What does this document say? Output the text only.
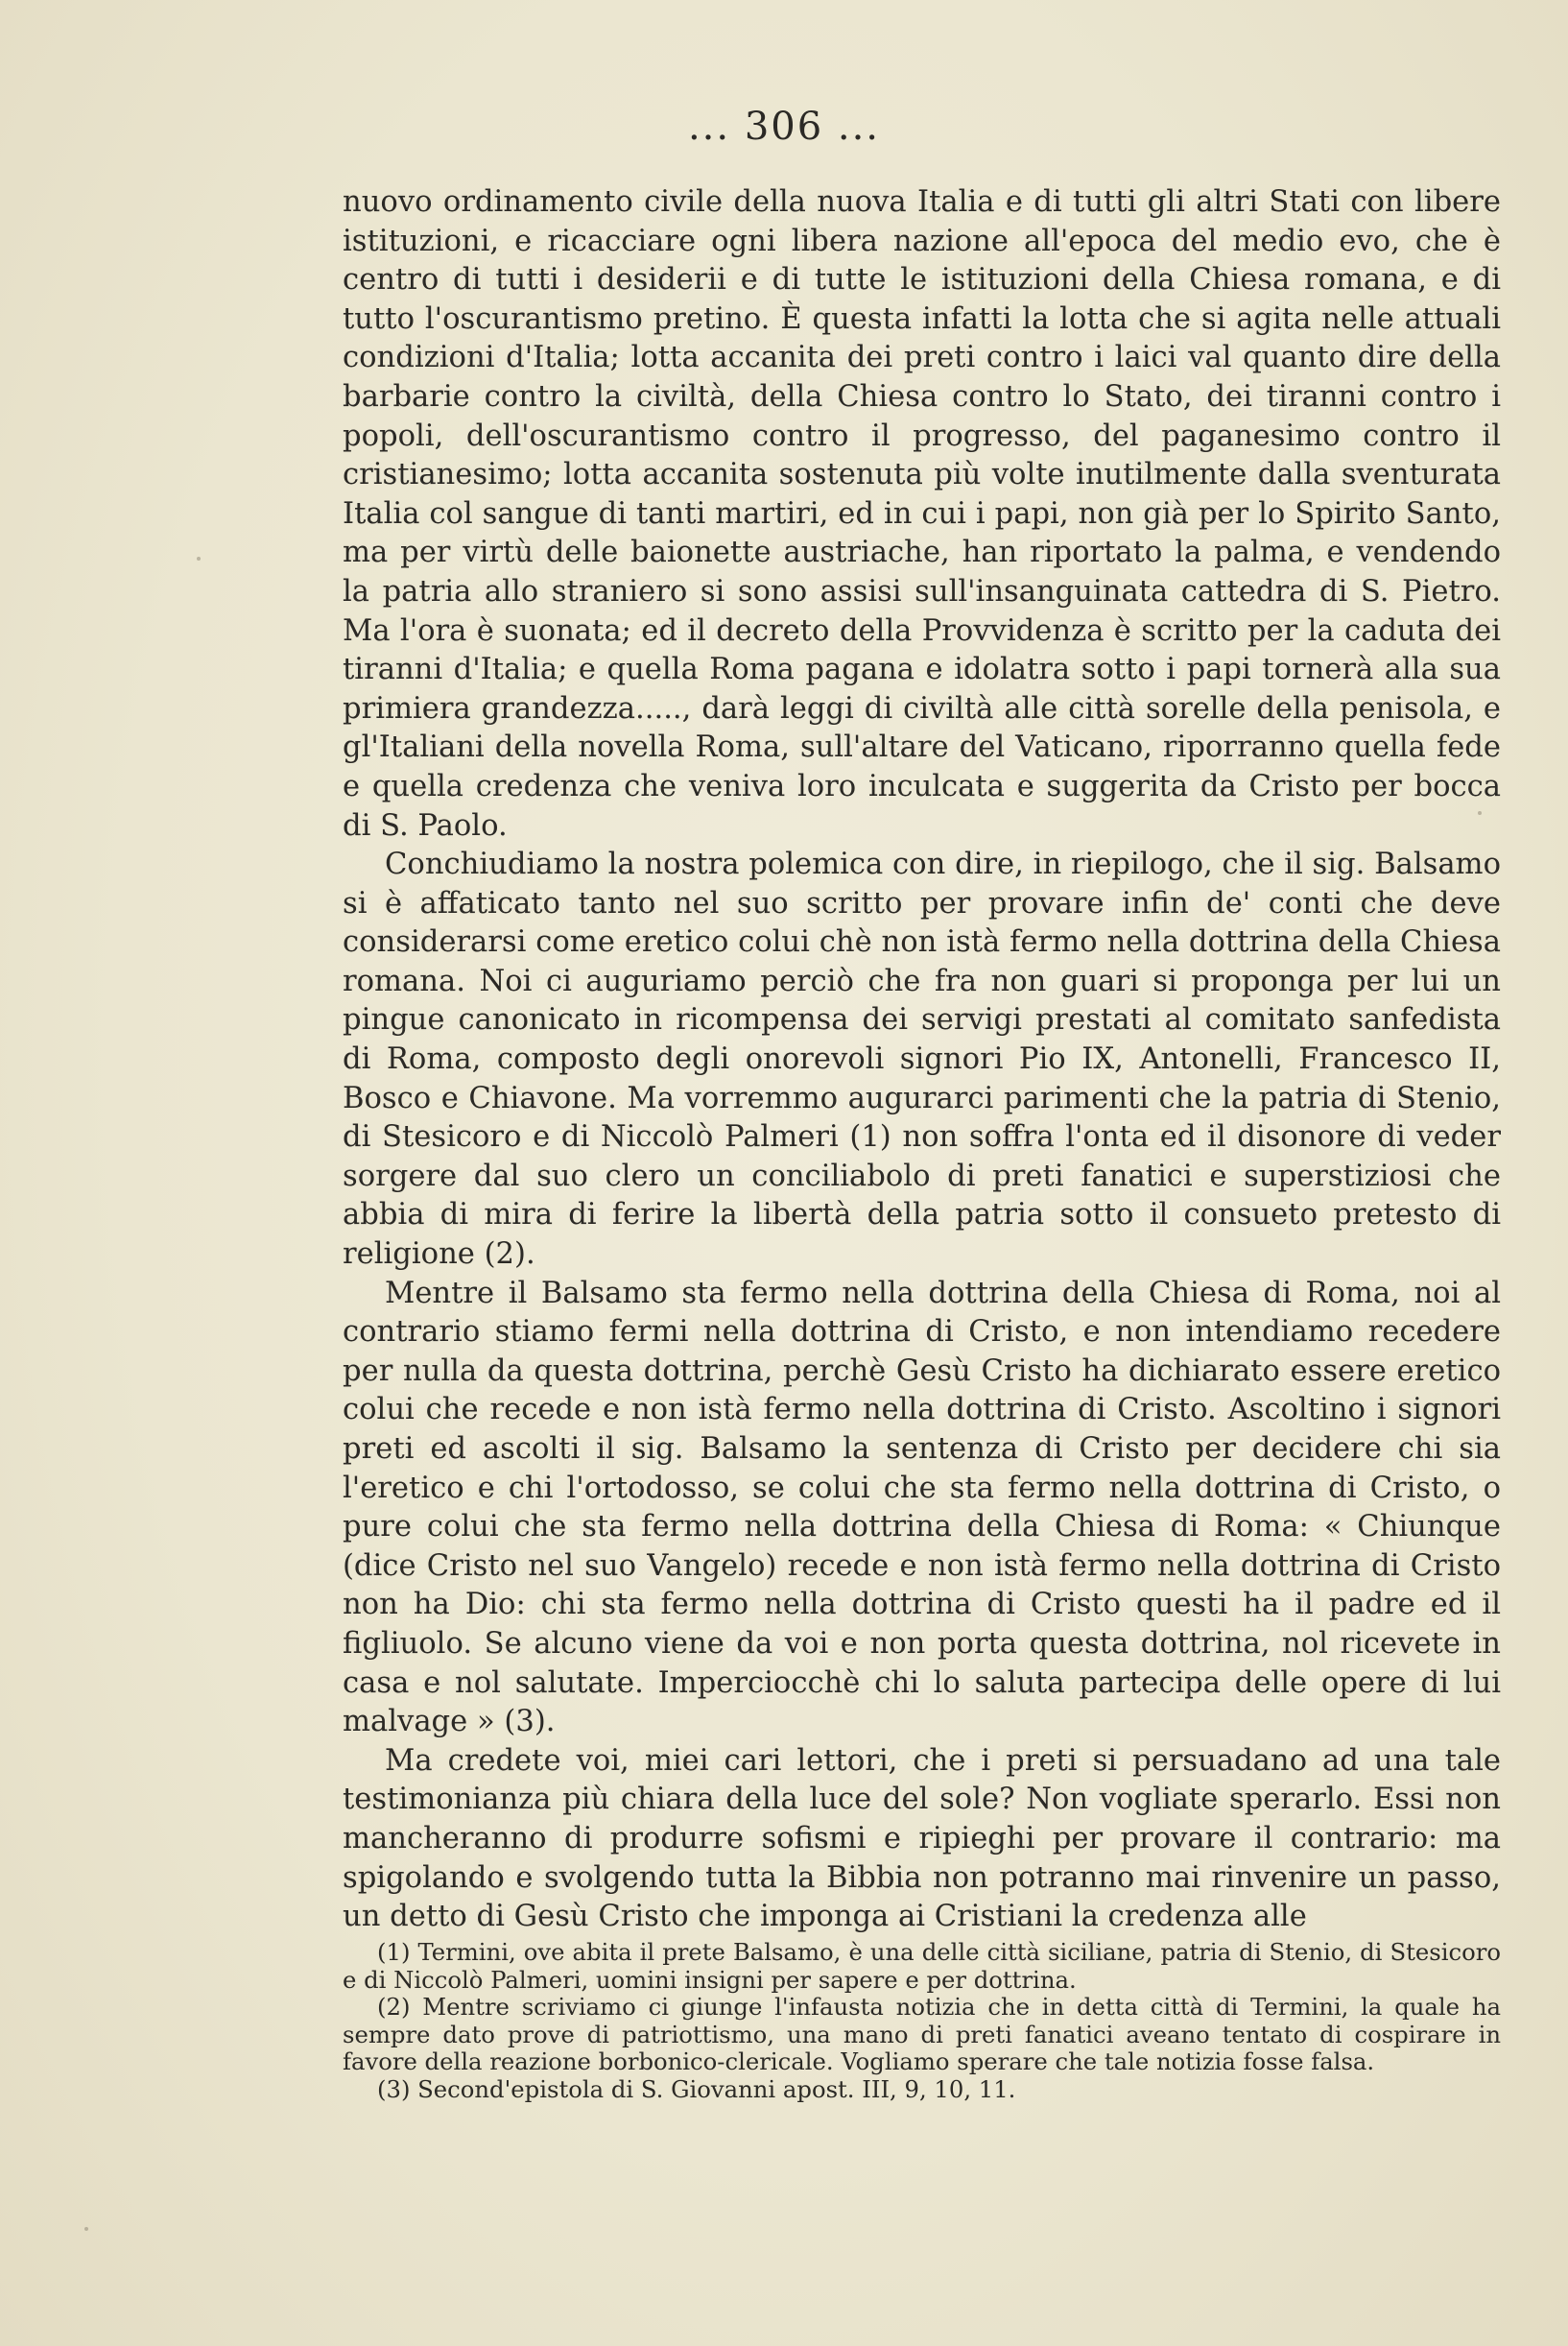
... 306 ...

nuovo ordinamento civile della nuova Italia e di tutti gli altri Stati con libere istituzioni, e ricacciare ogni libera nazione all'epoca del medio evo, che è centro di tutti i desiderii e di tutte le istituzioni della Chiesa romana, e di tutto l'oscurantismo pretino. È questa infatti la lotta che si agita nelle attuali condizioni d'Italia; lotta accanita dei preti contro i laici val quanto dire della barbarie contro la civiltà, della Chiesa contro lo Stato, dei tiranni contro i popoli, dell'oscurantismo contro il progresso, del paganesimo contro il cristianesimo; lotta accanita sostenuta più volte inutilmente dalla sventurata Italia col sangue di tanti martiri, ed in cui i papi, non già per lo Spirito Santo, ma per virtù delle baionette austriache, han riportato la palma, e vendendo la patria allo straniero si sono assisi sull'insanguinata cattedra di S. Pietro. Ma l'ora è suonata; ed il decreto della Provvidenza è scritto per la caduta dei tiranni d'Italia; e quella Roma pagana e idolatra sotto i papi tornerà alla sua primiera grandezza....., darà leggi di civiltà alle città sorelle della penisola, e gl'Italiani della novella Roma, sull'altare del Vaticano, riporranno quella fede e quella credenza che veniva loro inculcata e suggerita da Cristo per bocca di S. Paolo.

Conchiudiamo la nostra polemica con dire, in riepilogo, che il sig. Balsamo si è affaticato tanto nel suo scritto per provare infin de' conti che deve considerarsi come eretico colui chè non istà fermo nella dottrina della Chiesa romana. Noi ci auguriamo perciò che fra non guari si proponga per lui un pingue canonicato in ricompensa dei servigi prestati al comitato sanfedista di Roma, composto degli onorevoli signori Pio IX, Antonelli, Francesco II, Bosco e Chiavone. Ma vorremmo augurarci parimenti che la patria di Stenio, di Stesicoro e di Niccolò Palmeri (1) non soffra l'onta ed il disonore di veder sorgere dal suo clero un conciliabolo di preti fanatici e superstiziosi che abbia di mira di ferire la libertà della patria sotto il consueto pretesto di religione (2).

Mentre il Balsamo sta fermo nella dottrina della Chiesa di Roma, noi al contrario stiamo fermi nella dottrina di Cristo, e non intendiamo recedere per nulla da questa dottrina, perchè Gesù Cristo ha dichiarato essere eretico colui che recede e non istà fermo nella dottrina di Cristo. Ascoltino i signori preti ed ascolti il sig. Balsamo la sentenza di Cristo per decidere chi sia l'eretico e chi l'ortodosso, se colui che sta fermo nella dottrina di Cristo, o pure colui che sta fermo nella dottrina della Chiesa di Roma: « Chiunque (dice Cristo nel suo Vangelo) recede e non istà fermo nella dottrina di Cristo non ha Dio: chi sta fermo nella dottrina di Cristo questi ha il padre ed il figliuolo. Se alcuno viene da voi e non porta questa dottrina, nol ricevete in casa e nol salutate. Imperciocchè chi lo saluta partecipa delle opere di lui malvage » (3).

Ma credete voi, miei cari lettori, che i preti si persuadano ad una tale testimonianza più chiara della luce del sole? Non vogliate sperarlo. Essi non mancheranno di produrre sofismi e ripieghi per provare il contrario: ma spigolando e svolgendo tutta la Bibbia non potranno mai rinvenire un passo, un detto di Gesù Cristo che imponga ai Cristiani la credenza alle

(1) Termini, ove abita il prete Balsamo, è una delle città siciliane, patria di Stenio, di Stesicoro e di Niccolò Palmeri, uomini insigni per sapere e per dottrina.

(2) Mentre scriviamo ci giunge l'infausta notizia che in detta città di Termini, la quale ha sempre dato prove di patriottismo, una mano di preti fanatici aveano tentato di cospirare in favore della reazione borbonico-clericale. Vogliamo sperare che tale notizia fosse falsa.

(3) Second'epistola di S. Giovanni apost. III, 9, 10, 11.
